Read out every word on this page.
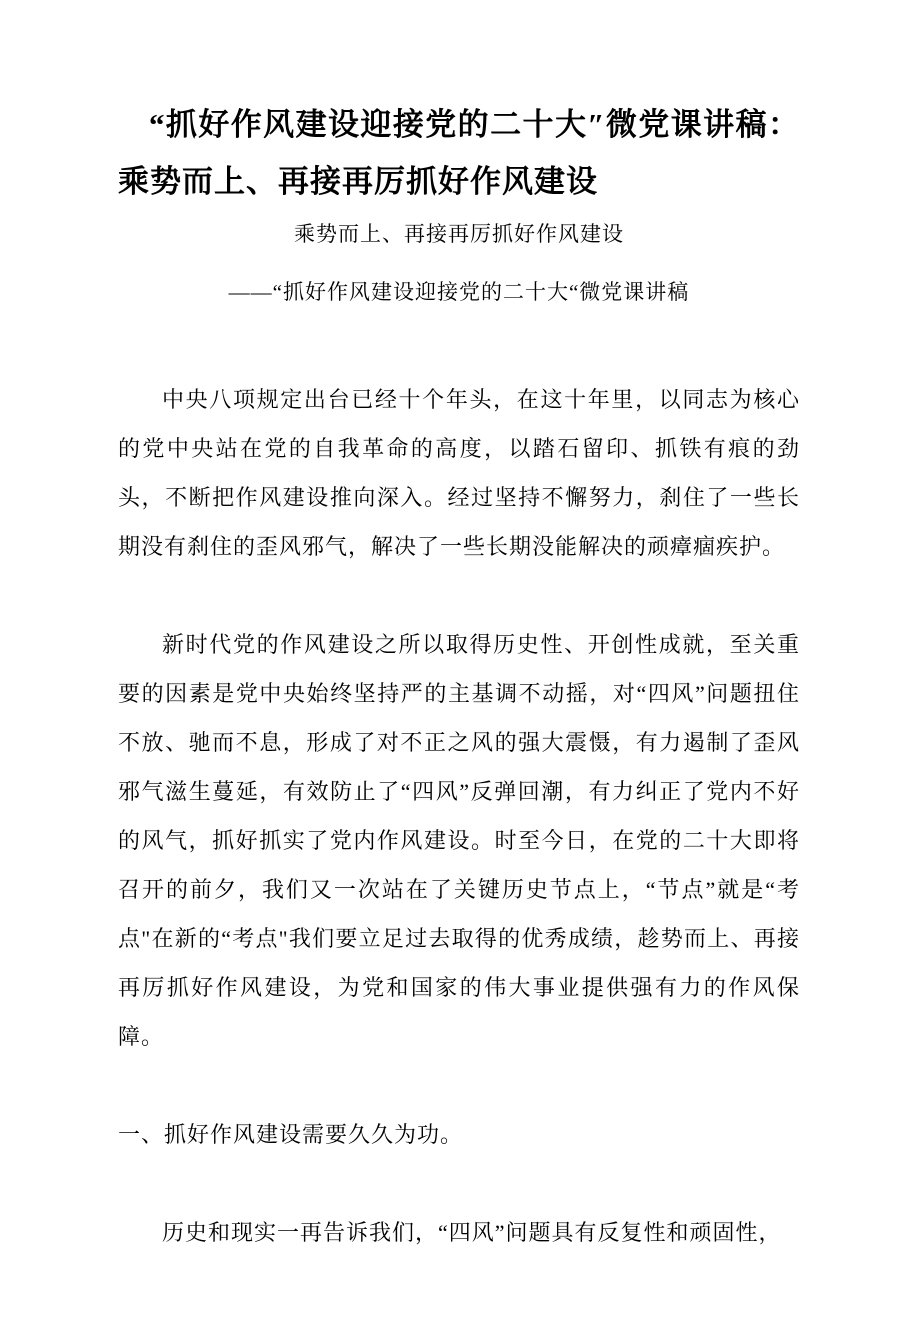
“抓好作风建设迎接党的二十大″微党课讲稿：乘势而上、再接再厉抓好作风建设
乘势而上、再接再厉抓好作风建设
——“抓好作风建设迎接党的二十大“微党课讲稿

中央八项规定出台已经十个年头，在这十年里，以同志为核心的党中央站在党的自我革命的高度，以踏石留印、抓铁有痕的劲头，不断把作风建设推向深入。经过坚持不懈努力，刹住了一些长期没有刹住的歪风邪气，解决了一些长期没能解决的顽瘴痼疾护。

新时代党的作风建设之所以取得历史性、开创性成就，至关重要的因素是党中央始终坚持严的主基调不动摇，对“四风”问题扭住不放、驰而不息，形成了对不正之风的强大震慑，有力遏制了歪风邪气滋生蔓延，有效防止了“四风”反弹回潮，有力纠正了党内不好的风气，抓好抓实了党内作风建设。时至今日，在党的二十大即将召开的前夕，我们又一次站在了关键历史节点上，“节点”就是“考点"在新的“考点"我们要立足过去取得的优秀成绩，趁势而上、再接再厉抓好作风建设，为党和国家的伟大事业提供强有力的作风保障。

一、抓好作风建设需要久久为功。

历史和现实一再告诉我们，“四风”问题具有反复性和顽固性，
